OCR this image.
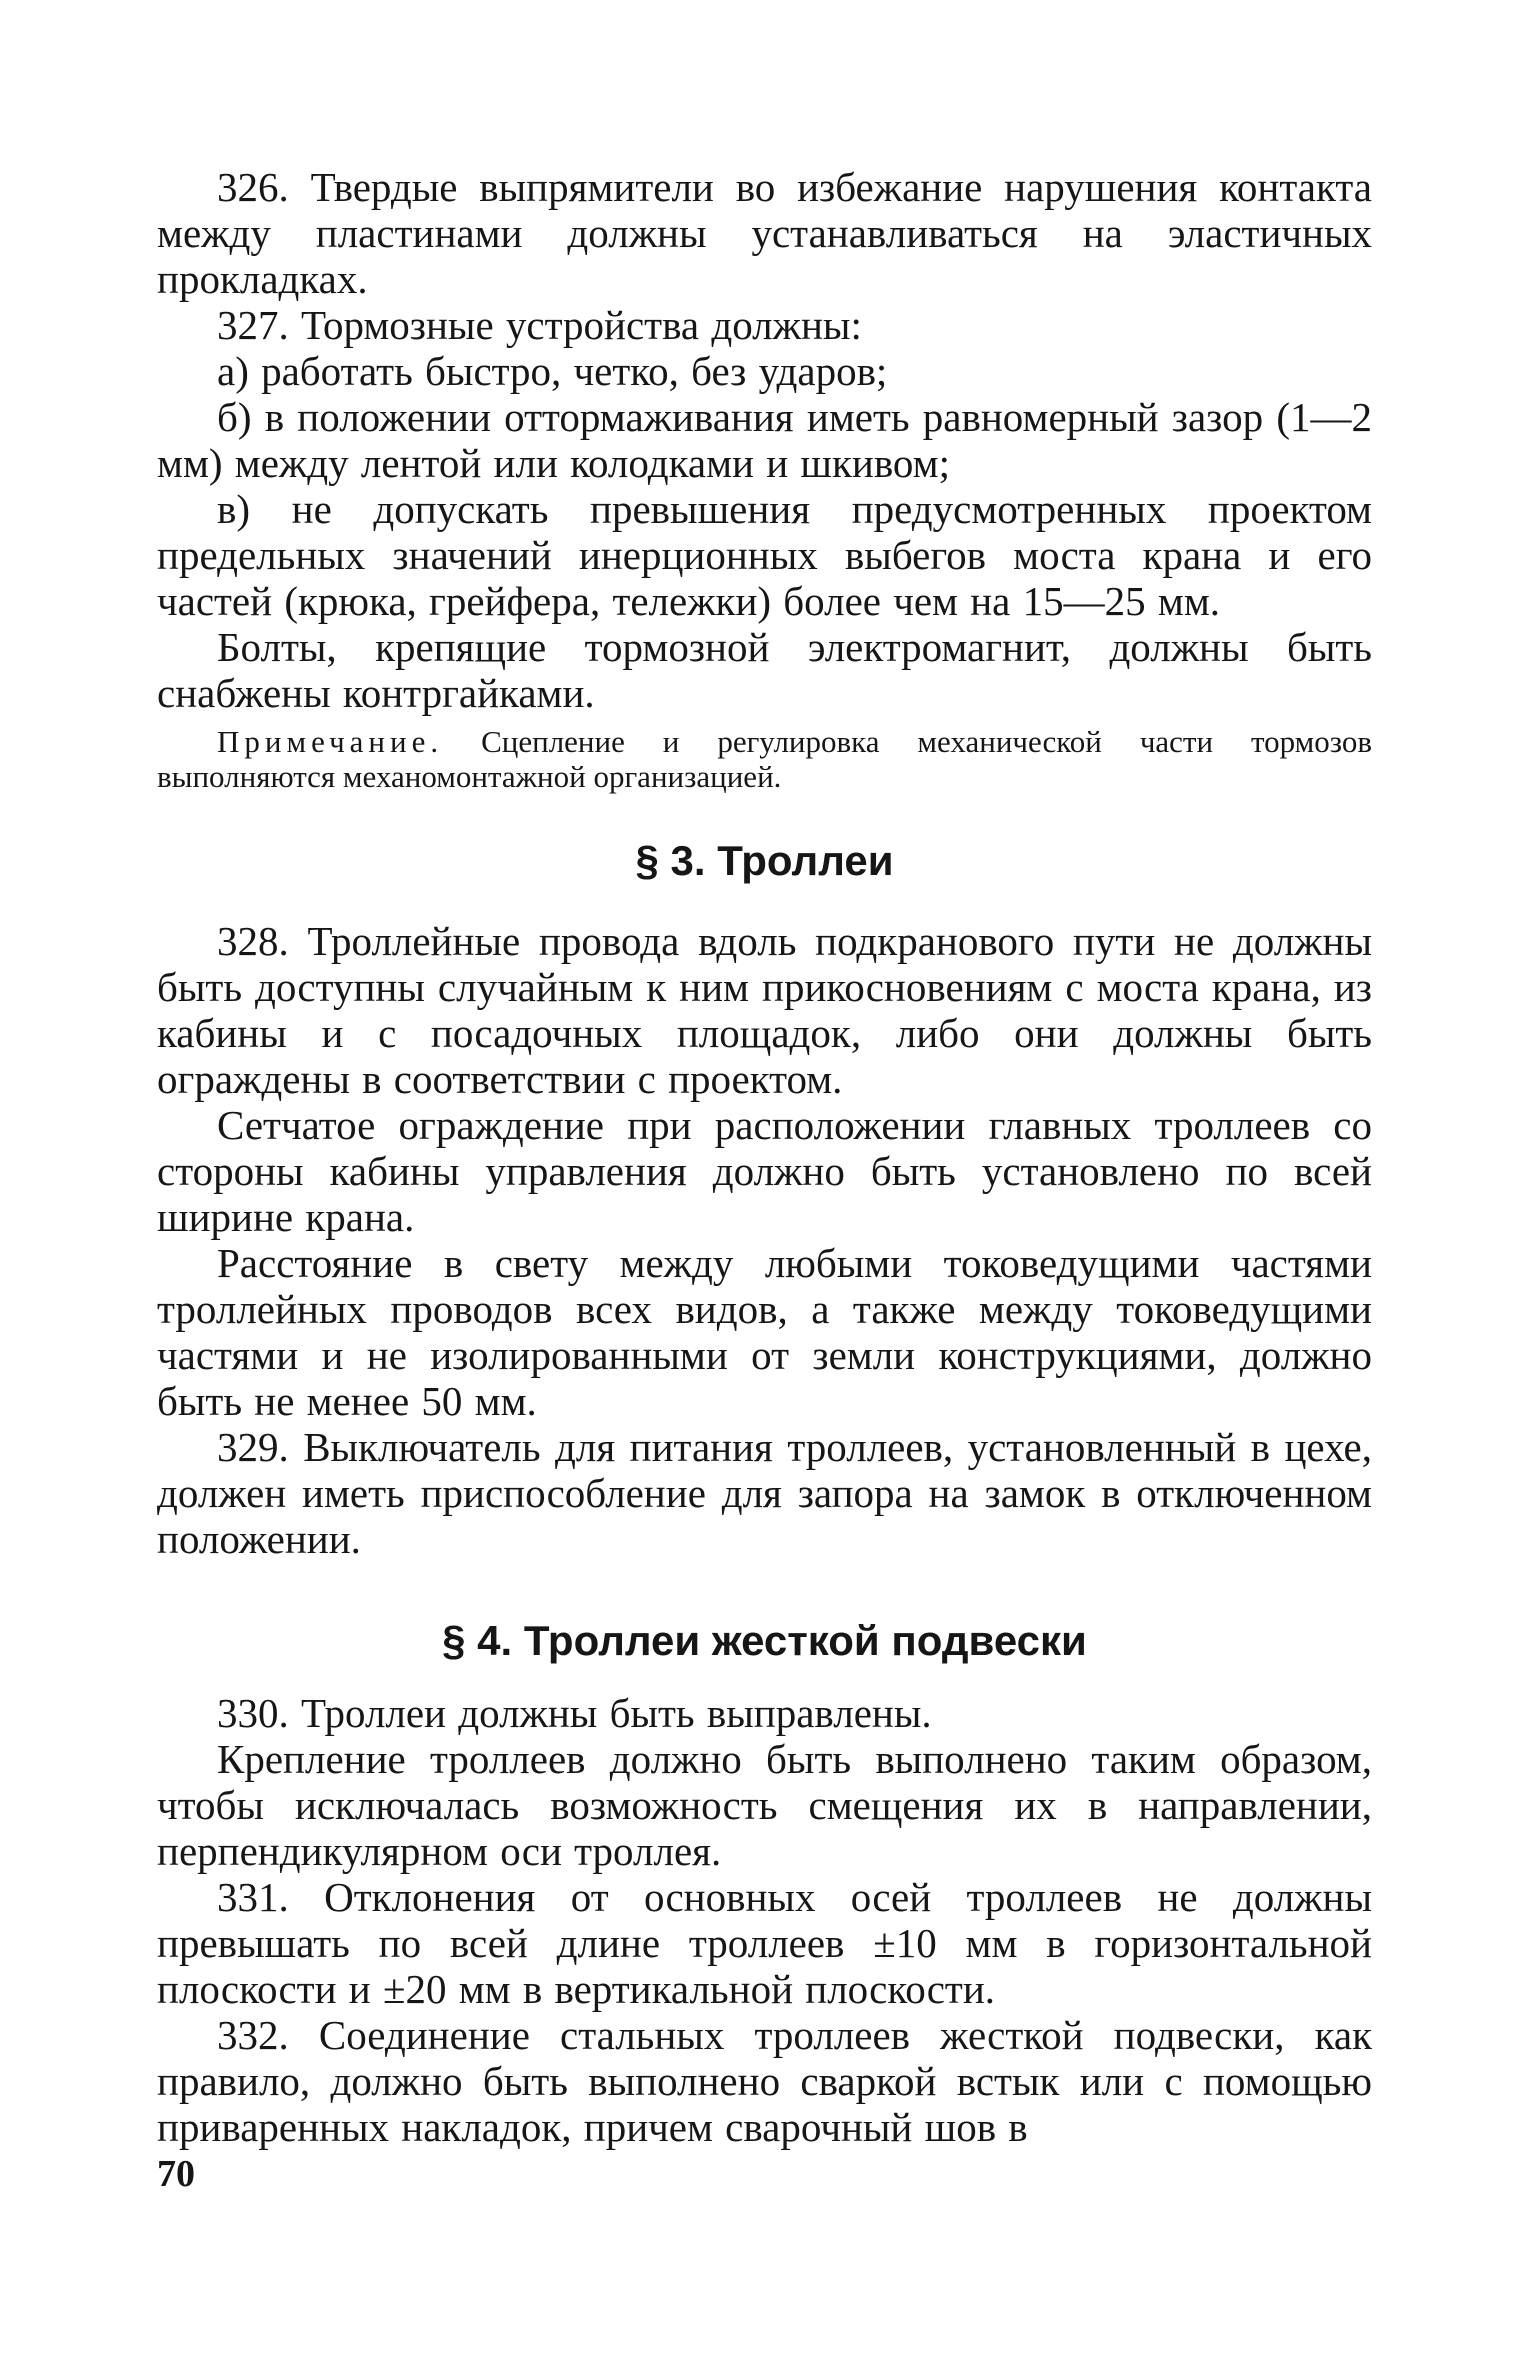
326. Твердые выпрямители во избежание нарушения контакта между пластинами должны устанавливаться на эластичных прокладках.

327. Тормозные устройства должны:

а) работать быстро, четко, без ударов;

б) в положении оттормаживания иметь равномерный зазор (1—2 мм) между лентой или колодками и шкивом;

в) не допускать превышения предусмотренных проектом предельных значений инерционных выбегов моста крана и его частей (крюка, грейфера, тележки) более чем на 15—25 мм.

Болты, крепящие тормозной электромагнит, должны быть снабжены контргайками.

Примечание. Сцепление и регулировка механической части тормозов выполняются механомонтажной организацией.

§ 3. Троллеи

328. Троллейные провода вдоль подкранового пути не должны быть доступны случайным к ним прикосновениям с моста крана, из кабины и с посадочных площадок, либо они должны быть ограждены в соответствии с проектом.

Сетчатое ограждение при расположении главных троллеев со стороны кабины управления должно быть установлено по всей ширине крана.

Расстояние в свету между любыми токоведущими частями троллейных проводов всех видов, а также между токоведущими частями и не изолированными от земли конструкциями, должно быть не менее 50 мм.

329. Выключатель для питания троллеев, установленный в цехе, должен иметь приспособление для запора на замок в отключенном положении.

§ 4. Троллеи жесткой подвески

330. Троллеи должны быть выправлены.

Крепление троллеев должно быть выполнено таким образом, чтобы исключалась возможность смещения их в направлении, перпендикулярном оси троллея.

331. Отклонения от основных осей троллеев не должны превышать по всей длине троллеев ±10 мм в горизонтальной плоскости и ±20 мм в вертикальной плоскости.

332. Соединение стальных троллеев жесткой подвески, как правило, должно быть выполнено сваркой встык или с помощью приваренных накладок, причем сварочный шов в

70
